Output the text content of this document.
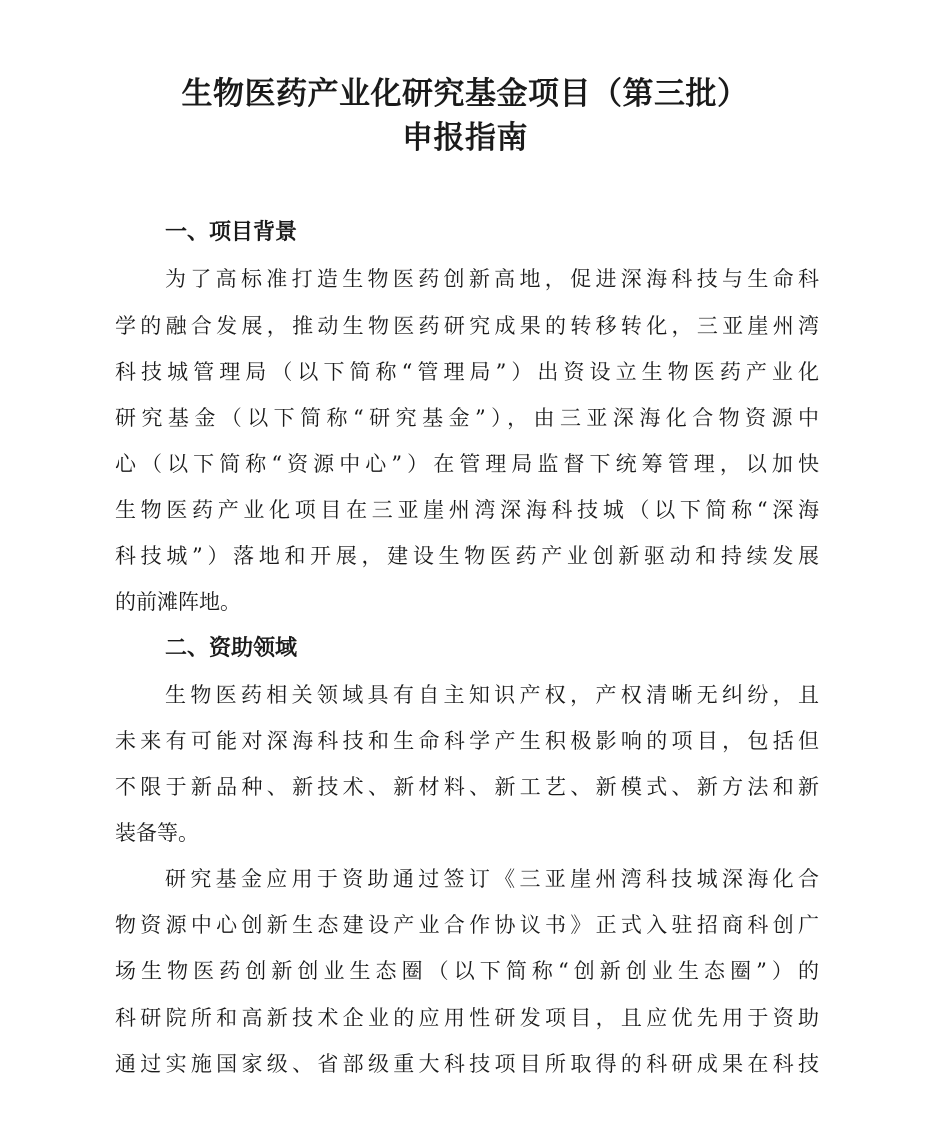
生物医药产业化研究基金项目（第三批）
申报指南
一、项目背景
为了高标准打造生物医药创新高地，促进深海科技与生命科
学的融合发展，推动生物医药研究成果的转移转化，三亚崖州湾
科技城管理局（以下简称“管理局”）出资设立生物医药产业化
研究基金（以下简称“研究基金”），由三亚深海化合物资源中
心（以下简称“资源中心”）在管理局监督下统筹管理，以加快
生物医药产业化项目在三亚崖州湾深海科技城（以下简称“深海
科技城”）落地和开展，建设生物医药产业创新驱动和持续发展
的前滩阵地。
二、资助领域
生物医药相关领域具有自主知识产权，产权清晰无纠纷，且
未来有可能对深海科技和生命科学产生积极影响的项目，包括但
不限于新品种、新技术、新材料、新工艺、新模式、新方法和新
装备等。
研究基金应用于资助通过签订《三亚崖州湾科技城深海化合
物资源中心创新生态建设产业合作协议书》正式入驻招商科创广
场生物医药创新创业生态圈（以下简称“创新创业生态圈”）的
科研院所和高新技术企业的应用性研发项目，且应优先用于资助
通过实施国家级、省部级重大科技项目所取得的科研成果在科技
